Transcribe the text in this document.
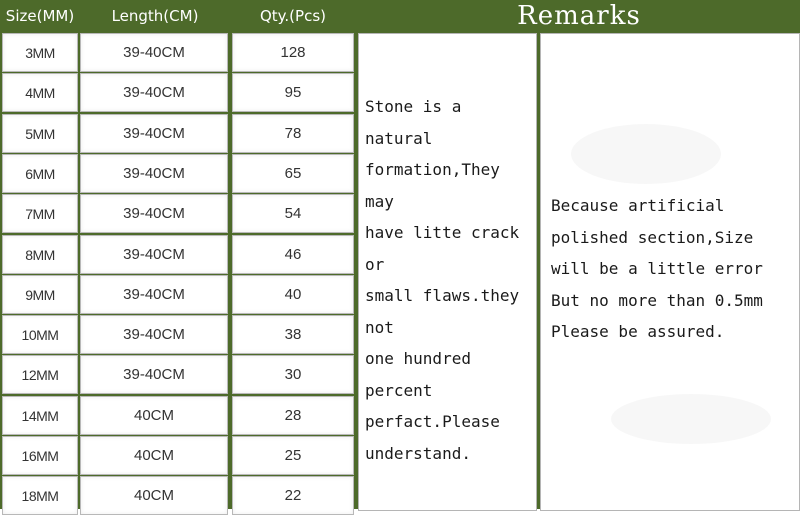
Size(MM)	Length(CM)	Qty.(Pcs)	Remarks
3MM	39-40CM	128
4MM	39-40CM	95
5MM	39-40CM	78
6MM	39-40CM	65
7MM	39-40CM	54
8MM	39-40CM	46
9MM	39-40CM	40
10MM	39-40CM	38
12MM	39-40CM	30
14MM	40CM	28
16MM	40CM	25
18MM	40CM	22
Stone is a
natural
formation,They
may
have litte crack
or
small flaws.they
not
one hundred
percent
perfact.Please
understand.
Because artificial
polished section,Size
will be a little error
But no more than 0.5mm
Please be assured.
